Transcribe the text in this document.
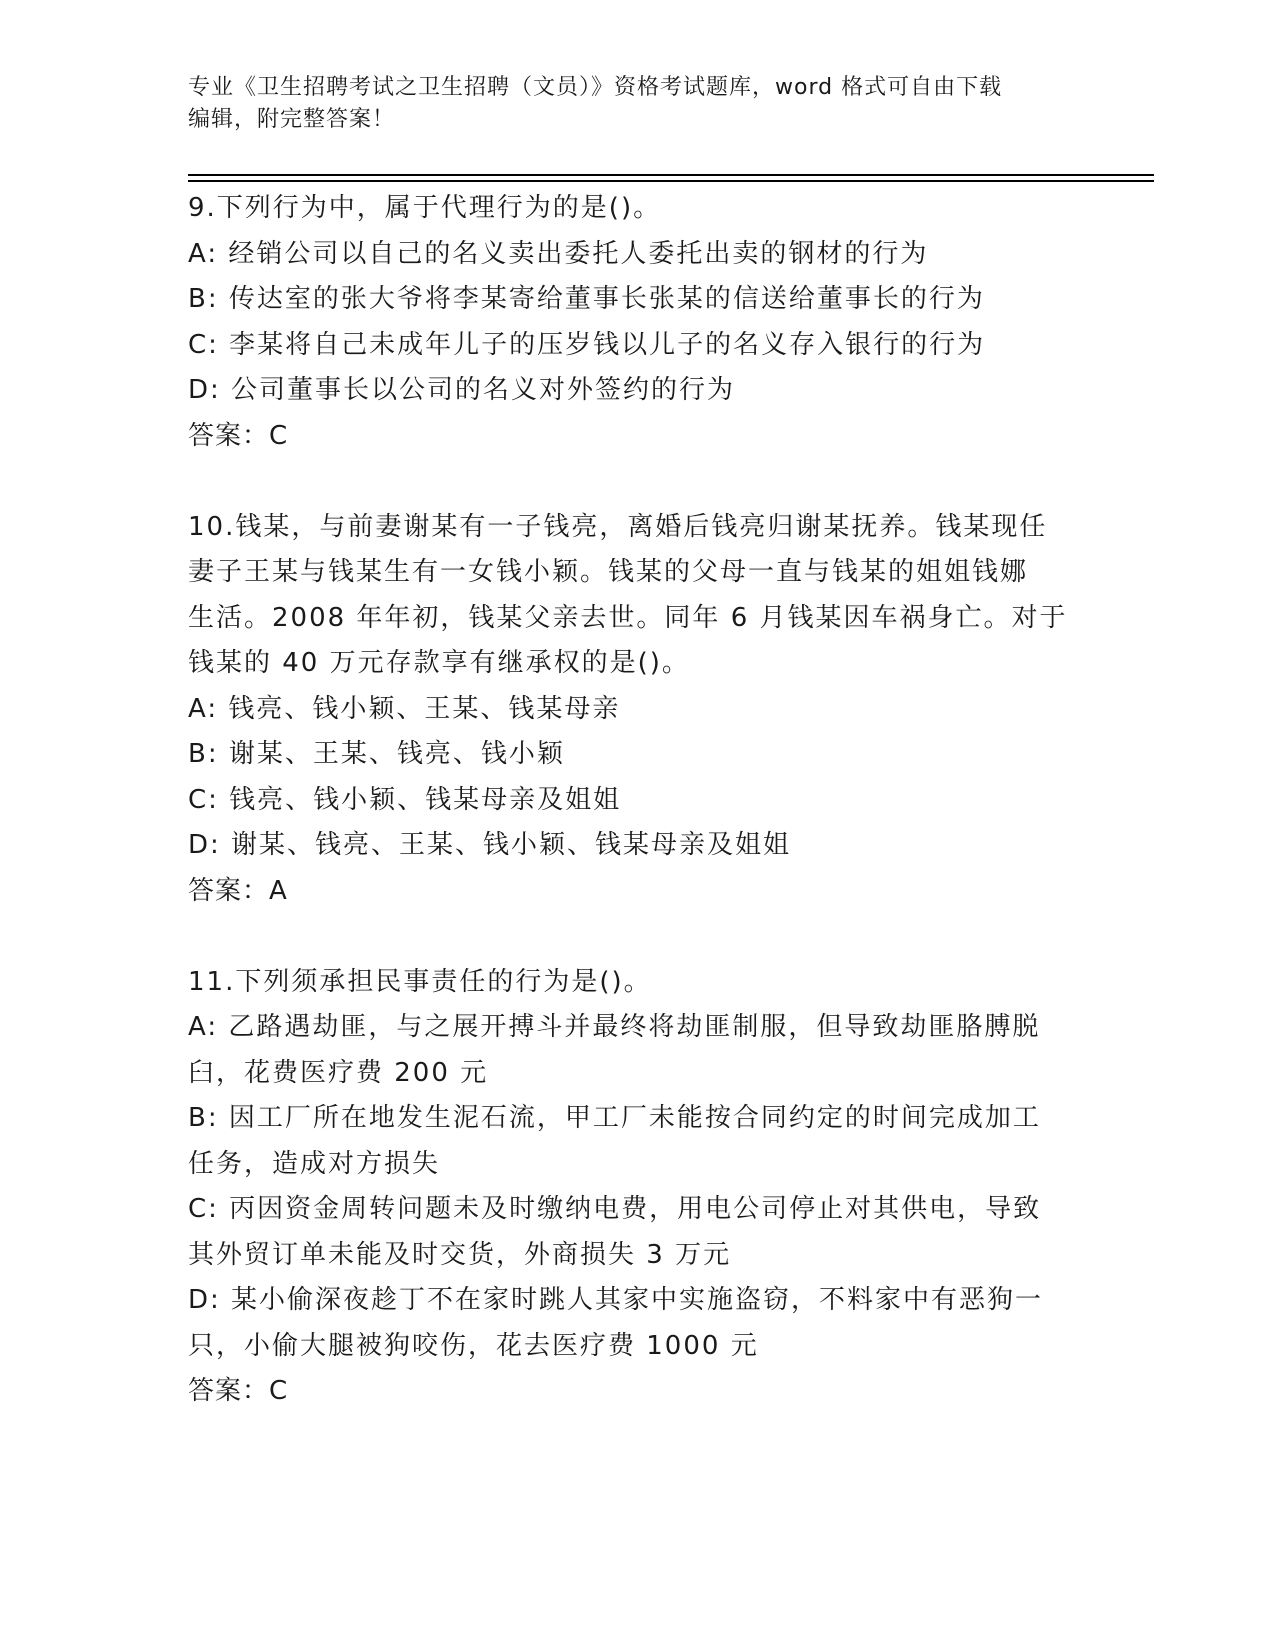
专业《卫生招聘考试之卫生招聘（文员）》资格考试题库，word 格式可自由下载
编辑，附完整答案！
9.下列行为中，属于代理行为的是()。
A: 经销公司以自己的名义卖出委托人委托出卖的钢材的行为
B: 传达室的张大爷将李某寄给董事长张某的信送给董事长的行为
C: 李某将自己未成年儿子的压岁钱以儿子的名义存入银行的行为
D: 公司董事长以公司的名义对外签约的行为
答案：C
10.钱某，与前妻谢某有一子钱亮，离婚后钱亮归谢某抚养。钱某现任
妻子王某与钱某生有一女钱小颖。钱某的父母一直与钱某的姐姐钱娜
生活。2008 年年初，钱某父亲去世。同年 6 月钱某因车祸身亡。对于
钱某的 40 万元存款享有继承权的是()。
A: 钱亮、钱小颖、王某、钱某母亲
B: 谢某、王某、钱亮、钱小颖
C: 钱亮、钱小颖、钱某母亲及姐姐
D: 谢某、钱亮、王某、钱小颖、钱某母亲及姐姐
答案：A
11.下列须承担民事责任的行为是()。
A: 乙路遇劫匪，与之展开搏斗并最终将劫匪制服，但导致劫匪胳膊脱
臼，花费医疗费 200 元
B: 因工厂所在地发生泥石流，甲工厂未能按合同约定的时间完成加工
任务，造成对方损失
C: 丙因资金周转问题未及时缴纳电费，用电公司停止对其供电，导致
其外贸订单未能及时交货，外商损失 3 万元
D: 某小偷深夜趁丁不在家时跳人其家中实施盗窃，不料家中有恶狗一
只，小偷大腿被狗咬伤，花去医疗费 1000 元
答案：C
